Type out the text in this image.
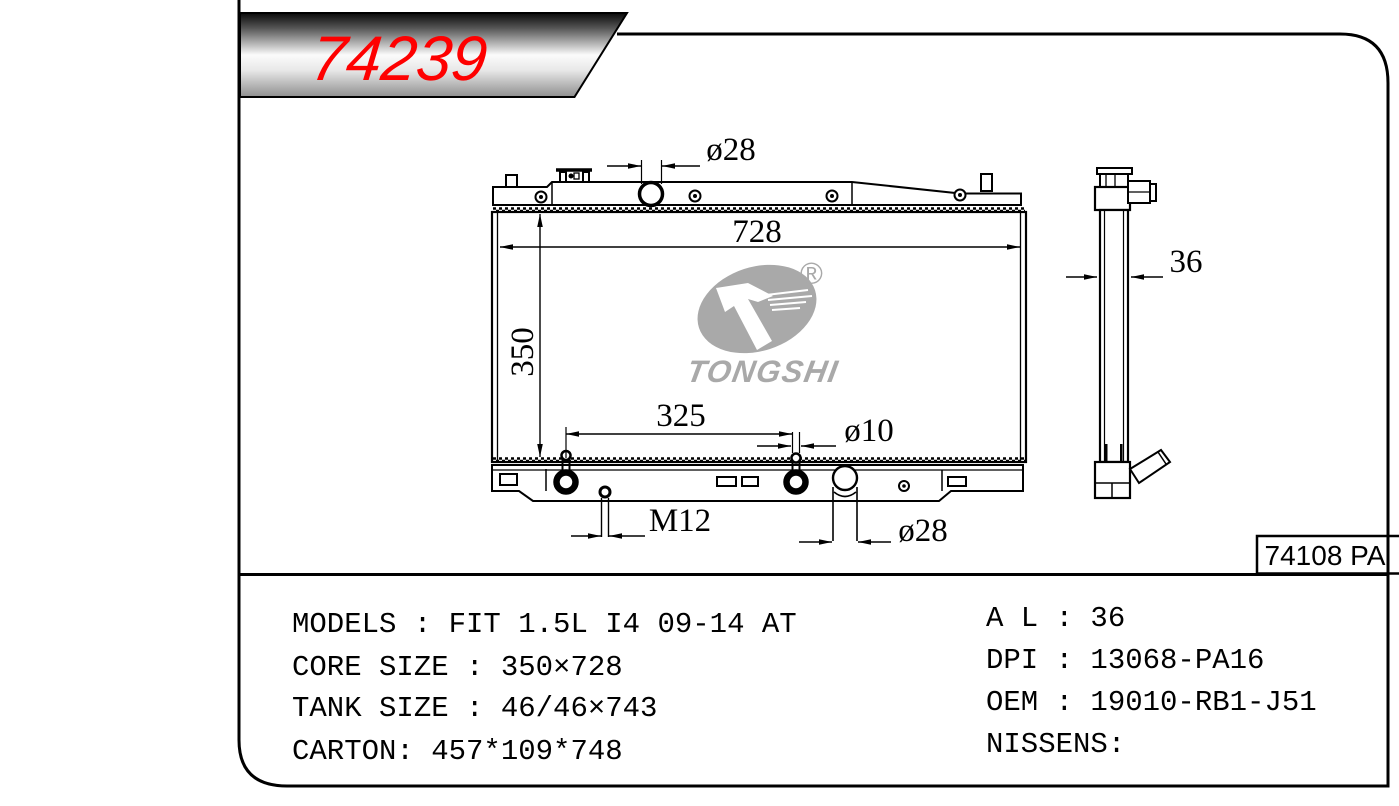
®
TONGSHI
728
350
ø28
325	ø10
M12	ø28
36
74108 PA
74239
MODELS : FIT 1.5L I4 09-14 AT
CORE SIZE : 350×728
TANK SIZE : 46/46×743
CARTON: 457*109*748
A L : 36
DPI : 13068-PA16
OEM : 19010-RB1-J51
NISSENS:
